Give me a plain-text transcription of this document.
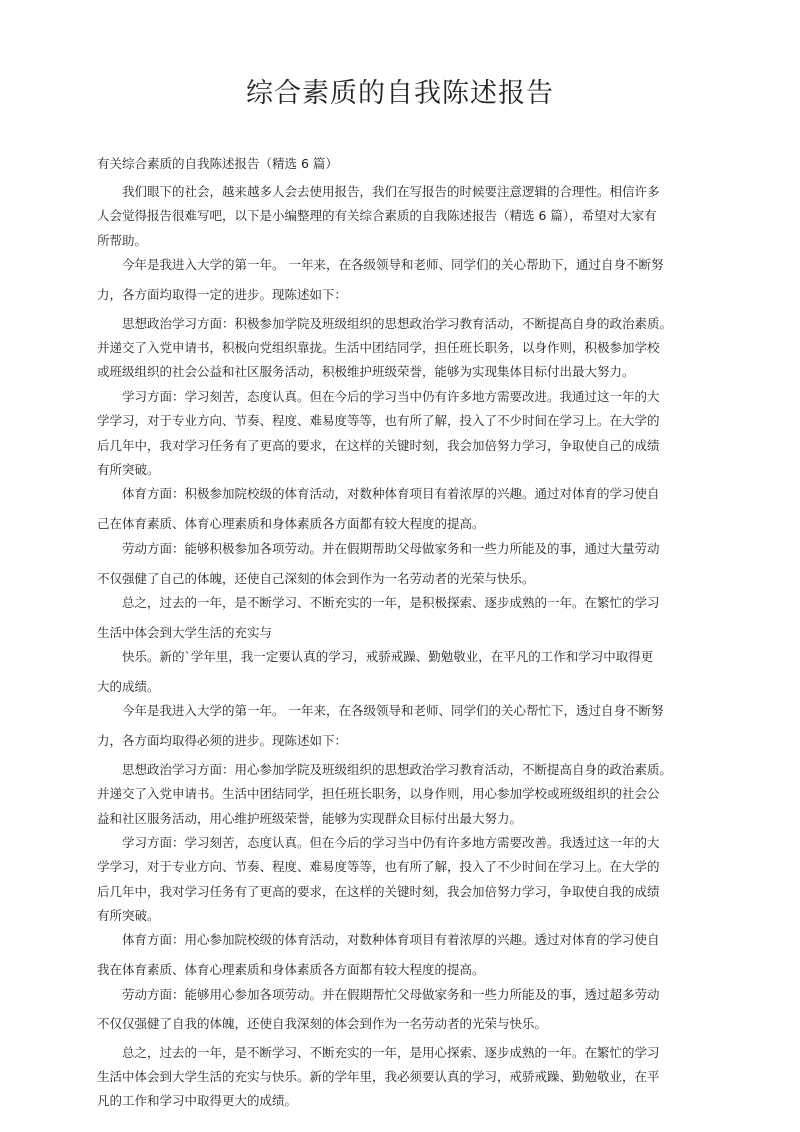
综合素质的自我陈述报告
有关综合素质的自我陈述报告（精选 6 篇）
我们眼下的社会，越来越多人会去使用报告，我们在写报告的时候要注意逻辑的合理性。相信许多
人会觉得报告很难写吧，以下是小编整理的有关综合素质的自我陈述报告（精选 6 篇），希望对大家有
所帮助。
今年是我进入大学的第一年。 一年来，在各级领导和老师、同学们的关心帮助下，通过自身不断努
力，各方面均取得一定的进步。现陈述如下：
思想政治学习方面：积极参加学院及班级组织的思想政治学习教育活动，不断提高自身的政治素质。
并递交了入党申请书，积极向党组织靠拢。生活中团结同学，担任班长职务，以身作则，积极参加学校
或班级组织的社会公益和社区服务活动，积极维护班级荣誉，能够为实现集体目标付出最大努力。
学习方面：学习刻苦，态度认真。但在今后的学习当中仍有许多地方需要改进。我通过这一年的大
学学习，对于专业方向、节奏、程度、难易度等等，也有所了解，投入了不少时间在学习上。在大学的
后几年中，我对学习任务有了更高的要求，在这样的关键时刻，我会加倍努力学习，争取使自己的成绩
有所突破。
体育方面：积极参加院校级的体育活动，对数种体育项目有着浓厚的兴趣。通过对体育的学习使自
己在体育素质、体育心理素质和身体素质各方面都有较大程度的提高。
劳动方面：能够积极参加各项劳动。并在假期帮助父母做家务和一些力所能及的事，通过大量劳动
不仅强健了自己的体魄，还使自己深刻的体会到作为一名劳动者的光荣与快乐。
总之，过去的一年，是不断学习、不断充实的一年，是积极探索、逐步成熟的一年。在繁忙的学习
生活中体会到大学生活的充实与
快乐。新的`学年里，我一定要认真的学习，戒骄戒躁、勤勉敬业，在平凡的工作和学习中取得更
大的成绩。
今年是我进入大学的第一年。 一年来，在各级领导和老师、同学们的关心帮忙下，透过自身不断努
力，各方面均取得必须的进步。现陈述如下：
思想政治学习方面：用心参加学院及班级组织的思想政治学习教育活动，不断提高自身的政治素质。
并递交了入党申请书。生活中团结同学，担任班长职务，以身作则，用心参加学校或班级组织的社会公
益和社区服务活动，用心维护班级荣誉，能够为实现群众目标付出最大努力。
学习方面：学习刻苦，态度认真。但在今后的学习当中仍有许多地方需要改善。我透过这一年的大
学学习，对于专业方向、节奏、程度、难易度等等，也有所了解，投入了不少时间在学习上。在大学的
后几年中，我对学习任务有了更高的要求，在这样的关键时刻，我会加倍努力学习，争取使自我的成绩
有所突破。
体育方面：用心参加院校级的体育活动，对数种体育项目有着浓厚的兴趣。透过对体育的学习使自
我在体育素质、体育心理素质和身体素质各方面都有较大程度的提高。
劳动方面：能够用心参加各项劳动。并在假期帮忙父母做家务和一些力所能及的事，透过超多劳动
不仅仅强健了自我的体魄，还使自我深刻的体会到作为一名劳动者的光荣与快乐。
总之，过去的一年，是不断学习、不断充实的一年，是用心探索、逐步成熟的一年。在繁忙的学习
生活中体会到大学生活的充实与快乐。新的学年里，我必须要认真的学习，戒骄戒躁、勤勉敬业，在平
凡的工作和学习中取得更大的成绩。
